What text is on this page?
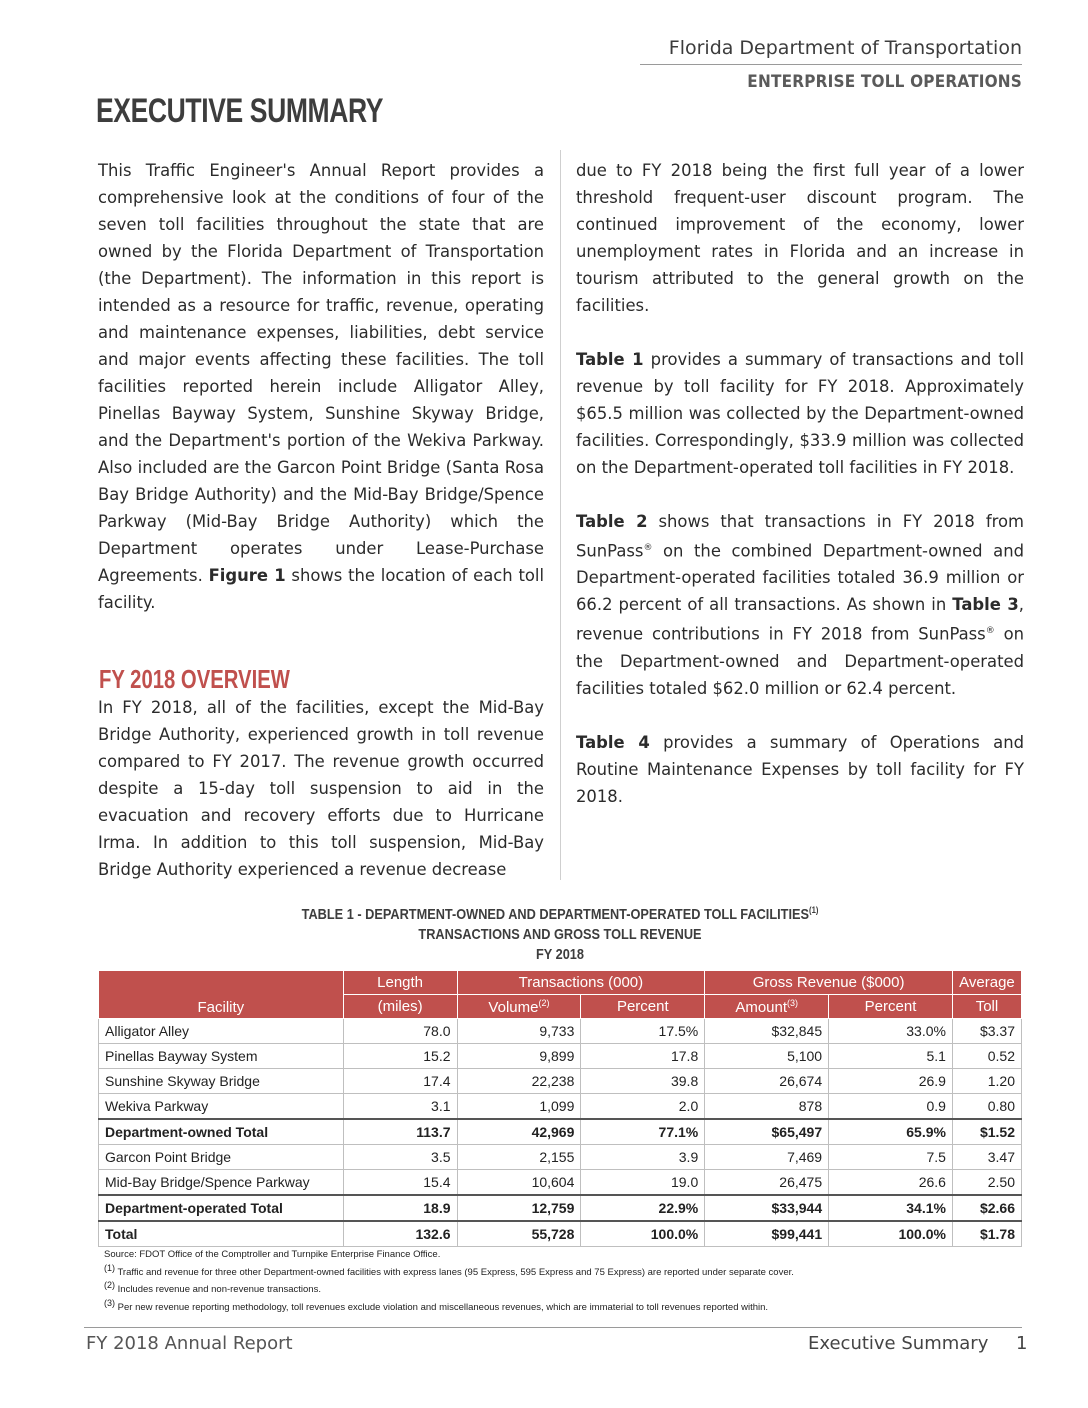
Florida Department of Transportation
ENTERPRISE TOLL OPERATIONS
EXECUTIVE SUMMARY

This Traffic Engineer's Annual Report provides a comprehensive look at the conditions of four of the seven toll facilities throughout the state that are owned by the Florida Department of Transportation (the Department). The information in this report is intended as a resource for traffic, revenue, operating and maintenance expenses, liabilities, debt service and major events affecting these facilities. The toll facilities reported herein include Alligator Alley, Pinellas Bayway System, Sunshine Skyway Bridge, and the Department's portion of the Wekiva Parkway. Also included are the Garcon Point Bridge (Santa Rosa Bay Bridge Authority) and the Mid-Bay Bridge/Spence Parkway (Mid-Bay Bridge Authority) which the Department operates under Lease-Purchase Agreements. Figure 1 shows the location of each toll facility.

FY 2018 OVERVIEW

In FY 2018, all of the facilities, except the Mid-Bay Bridge Authority, experienced growth in toll revenue compared to FY 2017. The revenue growth occurred despite a 15-day toll suspension to aid in the evacuation and recovery efforts due to Hurricane Irma. In addition to this toll suspension, Mid-Bay Bridge Authority experienced a revenue decrease

due to FY 2018 being the first full year of a lower threshold frequent-user discount program. The continued improvement of the economy, lower unemployment rates in Florida and an increase in tourism attributed to the general growth on the facilities.

Table 1 provides a summary of transactions and toll revenue by toll facility for FY 2018. Approximately $65.5 million was collected by the Department-owned facilities. Correspondingly, $33.9 million was collected on the Department-operated toll facilities in FY 2018.

Table 2 shows that transactions in FY 2018 from SunPass® on the combined Department-owned and Department-operated facilities totaled 36.9 million or 66.2 percent of all transactions. As shown in Table 3, revenue contributions in FY 2018 from SunPass® on the Department-owned and Department-operated facilities totaled $62.0 million or 62.4 percent.

Table 4 provides a summary of Operations and Routine Maintenance Expenses by toll facility for FY 2018.

TABLE 1 - DEPARTMENT-OWNED AND DEPARTMENT-OPERATED TOLL FACILITIES$^{(1)}$
TRANSACTIONS AND GROSS TOLL REVENUE
FY 2018
Facility	Length	Transactions (000)		Gross Revenue ($000)		Average
	(miles)	Volume$^{(2)}$	Percent	Amount$^{(3)}$	Percent	Toll
Alligator Alley	78.0	9,733	17.5%	$32,845	33.0%	$3.37
Pinellas Bayway System	15.2	9,899	17.8	5,100	5.1	0.52
Sunshine Skyway Bridge	17.4	22,238	39.8	26,674	26.9	1.20
Wekiva Parkway	3.1	1,099	2.0	878	0.9	0.80
Department-owned Total	113.7	42,969	77.1%	$65,497	65.9%	$1.52
Garcon Point Bridge	3.5	2,155	3.9	7,469	7.5	3.47
Mid-Bay Bridge/Spence Parkway	15.4	10,604	19.0	26,475	26.6	2.50
Department-operated Total	18.9	12,759	22.9%	$33,944	34.1%	$2.66
Total	132.6	55,728	100.0%	$99,441	100.0%	$1.78
Source: FDOT Office of the Comptroller and Turnpike Enterprise Finance Office.
$^{(1)}$ Traffic and revenue for three other Department-owned facilities with express lanes (95 Express, 595 Express and 75 Express) are reported under separate cover.
$^{(2)}$ Includes revenue and non-revenue transactions.
$^{(3)}$ Per new revenue reporting methodology, toll revenues exclude violation and miscellaneous revenues, which are immaterial to toll revenues reported within.
FY 2018 Annual Report	Executive Summary 1
